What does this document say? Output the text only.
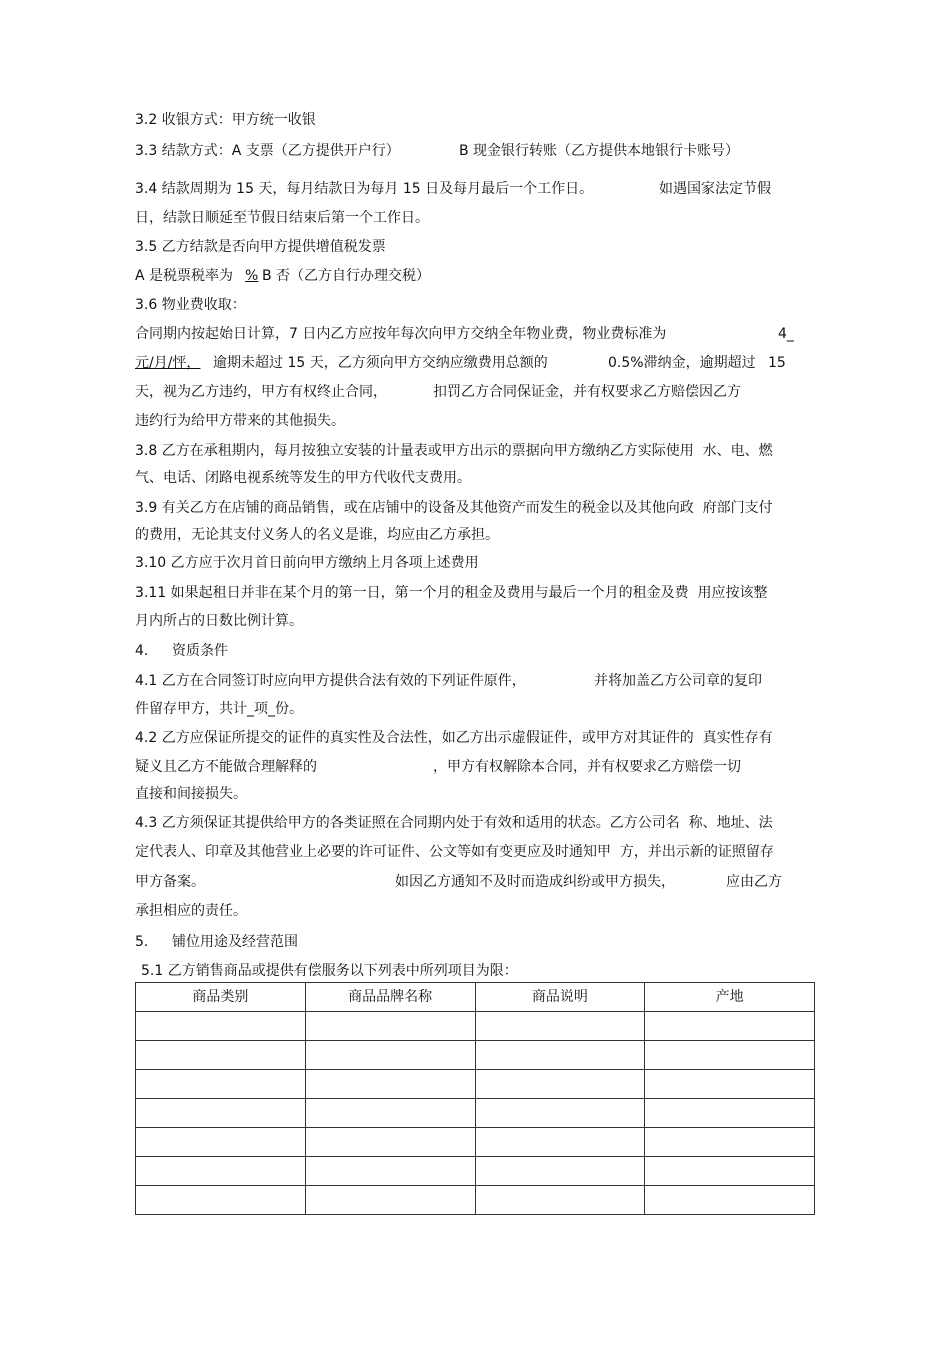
3.2 收银方式：甲方统一收银
3.3 结款方式：A 支票（乙方提供开户行）	B 现金银行转账（乙方提供本地银行卡账号）
3.4 结款周期为 15 天，每月结款日为每月 15 日及每月最后一个工作日。	如遇国家法定节假
日，结款日顺延至节假日结束后第一个工作日。
3.5 乙方结款是否向甲方提供增值税发票
A 是税票税率为 % B 否（乙方自行办理交税）
3.6 物业费收取：
合同期内按起始日计算，7 日内乙方应按年每次向甲方交纳全年物业费，物业费标准为	4_
元/月/怦， 逾期未超过 15 天，乙方须向甲方交纳应缴费用总额的	0.5%滞纳金，逾期超过 15
天，视为乙方违约，甲方有权终止合同，	扣罚乙方合同保证金，并有权要求乙方赔偿因乙方
违约行为给甲方带来的其他损失。
3.8 乙方在承租期内，每月按独立安装的计量表或甲方出示的票据向甲方缴纳乙方实际使用  水、电、燃
气、电话、闭路电视系统等发生的甲方代收代支费用。
3.9 有关乙方在店铺的商品销售，或在店铺中的设备及其他资产而发生的税金以及其他向政  府部门支付
的费用，无论其支付义务人的名义是谁，均应由乙方承担。
3.10 乙方应于次月首日前向甲方缴纳上月各项上述费用
3.11 如果起租日并非在某个月的第一日，第一个月的租金及费用与最后一个月的租金及费  用应按该整
月内所占的日数比例计算。
4. 资质条件
4.1 乙方在合同签订时应向甲方提供合法有效的下列证件原件，	并将加盖乙方公司章的复印
件留存甲方，共计_项_份。
4.2 乙方应保证所提交的证件的真实性及合法性，如乙方出示虚假证件，或甲方对其证件的  真实性存有
疑义且乙方不能做合理解释的	，甲方有权解除本合同，并有权要求乙方赔偿一切
直接和间接损失。
4.3 乙方须保证其提供给甲方的各类证照在合同期内处于有效和适用的状态。乙方公司名  称、地址、法
定代表人、印章及其他营业上必要的许可证件、公文等如有变更应及时通知甲  方，并出示新的证照留存
甲方备案。	如因乙方通知不及时而造成纠纷或甲方损失，	应由乙方
承担相应的责任。
5. 铺位用途及经营范围
5.1 乙方销售商品或提供有偿服务以下列表中所列项目为限：
商品类别	商品品牌名称	商品说明	产地
